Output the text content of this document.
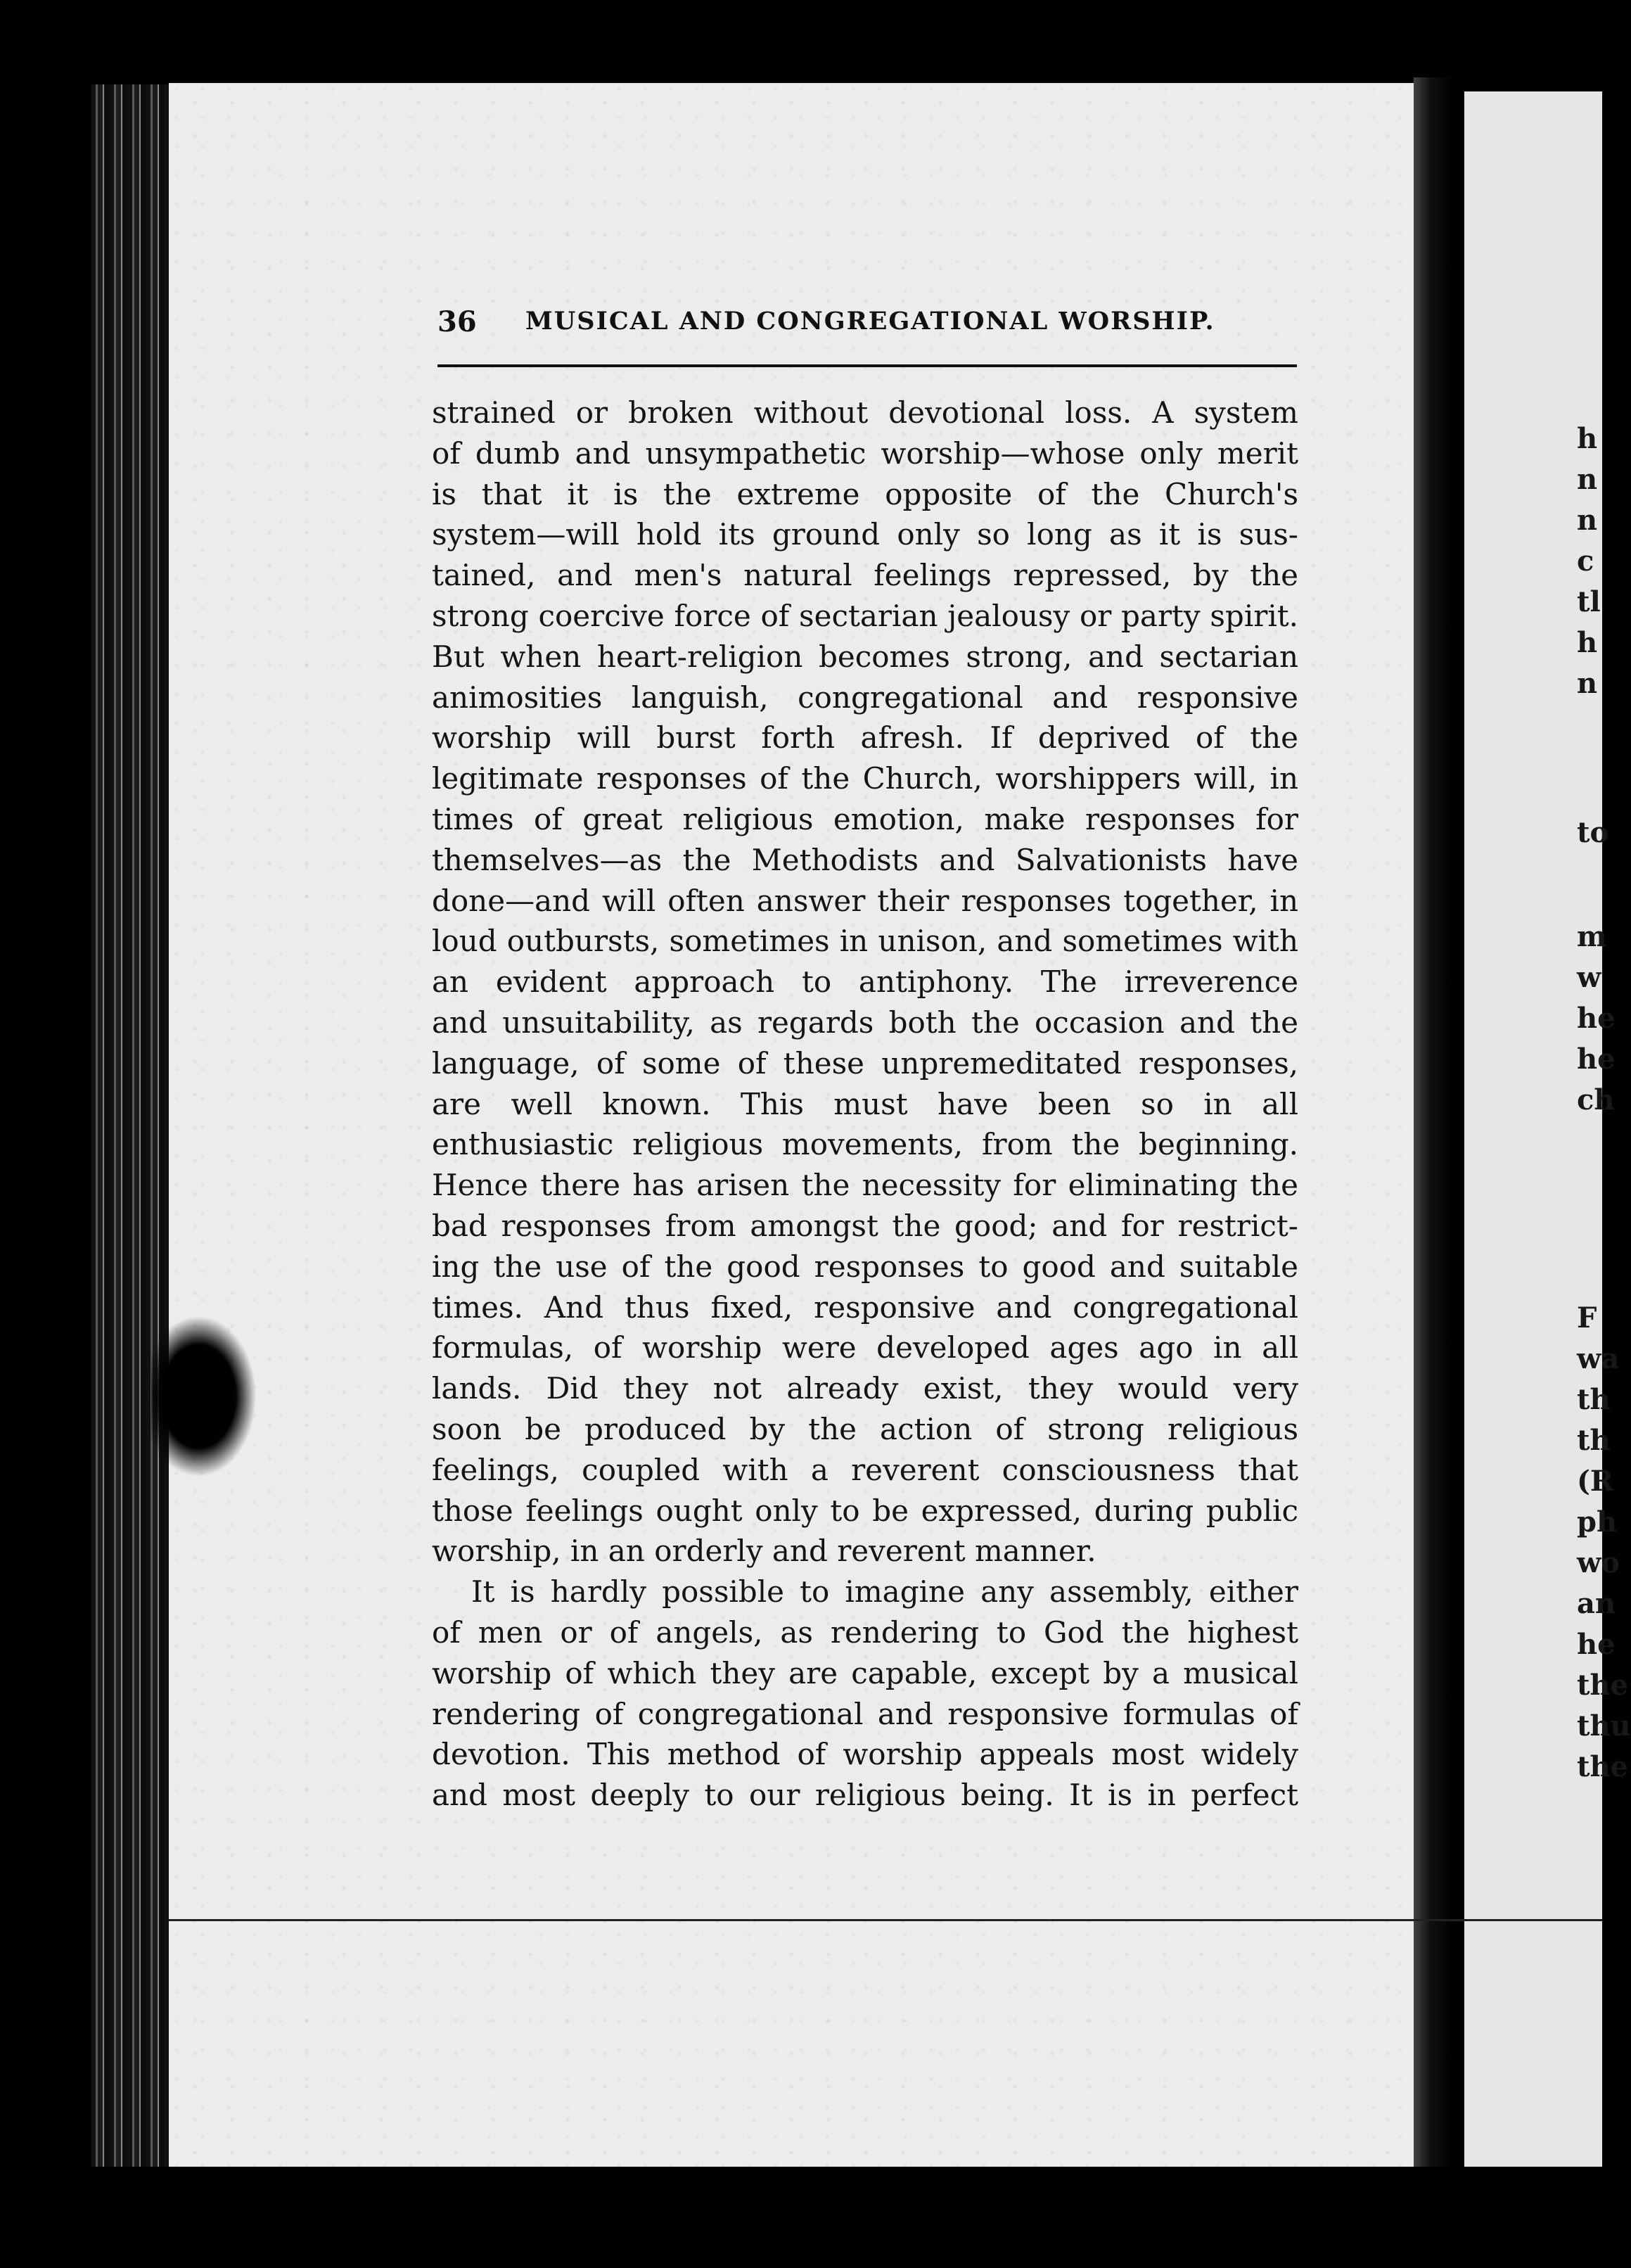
36 MUSICAL AND CONGREGATIONAL WORSHIP.
strained or broken without devotional loss. A system
of dumb and unsympathetic worship—whose only merit
is that it is the extreme opposite of the Church's
system—will hold its ground only so long as it is sus-
tained, and men's natural feelings repressed, by the
strong coercive force of sectarian jealousy or party spirit.
But when heart-religion becomes strong, and sectarian
animosities languish, congregational and responsive
worship will burst forth afresh. If deprived of the
legitimate responses of the Church, worshippers will, in
times of great religious emotion, make responses for
themselves—as the Methodists and Salvationists have
done—and will often answer their responses together, in
loud outbursts, sometimes in unison, and sometimes with
an evident approach to antiphony. The irreverence
and unsuitability, as regards both the occasion and the
language, of some of these unpremeditated responses,
are well known. This must have been so in all
enthusiastic religious movements, from the beginning.
Hence there has arisen the necessity for eliminating the
bad responses from amongst the good; and for restrict-
ing the use of the good responses to good and suitable
times. And thus fixed, responsive and congregational
formulas, of worship were developed ages ago in all
lands. Did they not already exist, they would very
soon be produced by the action of strong religious
feelings, coupled with a reverent consciousness that
those feelings ought only to be expressed, during public
worship, in an orderly and reverent manner.
It is hardly possible to imagine any assembly, either
of men or of angels, as rendering to God the highest
worship of which they are capable, except by a musical
rendering of congregational and responsive formulas of
devotion. This method of worship appeals most widely
and most deeply to our religious being. It is in perfect
h
n
n
c
tl
h
n
to
m
w
he
he
ch
F
wa
th
th
(R
ph
wo
an
he
the
thu
the
